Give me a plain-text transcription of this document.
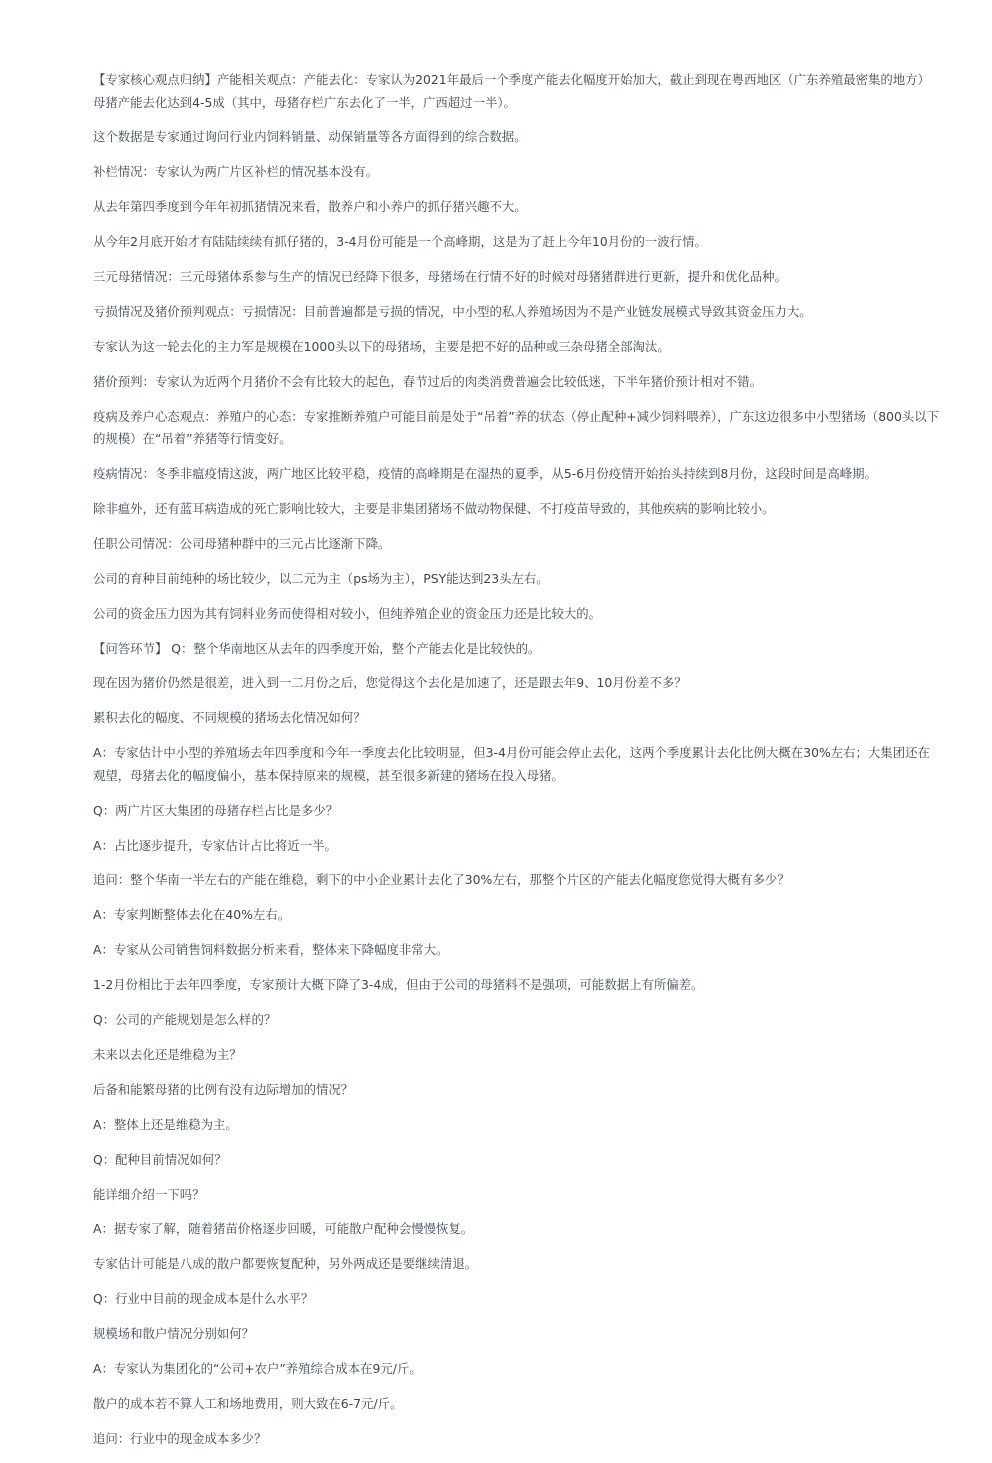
【专家核心观点归纳】产能相关观点：产能去化：专家认为2021年最后一个季度产能去化幅度开始加大，截止到现在粤西地区（广东养殖最密集的地方）母猪产能去化达到4-5成（其中，母猪存栏广东去化了一半，广西超过一半）。

这个数据是专家通过询问行业内饲料销量、动保销量等各方面得到的综合数据。

补栏情况：专家认为两广片区补栏的情况基本没有。

从去年第四季度到今年年初抓猪情况来看，散养户和小养户的抓仔猪兴趣不大。

从今年2月底开始才有陆陆续续有抓仔猪的，3-4月份可能是一个高峰期，这是为了赶上今年10月份的一波行情。

三元母猪情况：三元母猪体系参与生产的情况已经降下很多，母猪场在行情不好的时候对母猪猪群进行更新，提升和优化品种。

亏损情况及猪价预判观点：亏损情况：目前普遍都是亏损的情况，中小型的私人养殖场因为不是产业链发展模式导致其资金压力大。

专家认为这一轮去化的主力军是规模在1000头以下的母猪场，主要是把不好的品种或三杂母猪全部淘汰。

猪价预判：专家认为近两个月猪价不会有比较大的起色，春节过后的肉类消费普遍会比较低迷，下半年猪价预计相对不错。

疫病及养户心态观点：养殖户的心态：专家推断养殖户可能目前是处于“吊着”养的状态（停止配种+减少饲料喂养），广东这边很多中小型猪场（800头以下的规模）在“吊着”养猪等行情变好。

疫病情况：冬季非瘟疫情这波，两广地区比较平稳，疫情的高峰期是在湿热的夏季，从5-6月份疫情开始抬头持续到8月份，这段时间是高峰期。

除非瘟外，还有蓝耳病造成的死亡影响比较大，主要是非集团猪场不做动物保健、不打疫苗导致的，其他疾病的影响比较小。

任职公司情况：公司母猪种群中的三元占比逐渐下降。

公司的育种目前纯种的场比较少，以二元为主（ps场为主），PSY能达到23头左右。

公司的资金压力因为其有饲料业务而使得相对较小，但纯养殖企业的资金压力还是比较大的。

【问答环节】 Q：整个华南地区从去年的四季度开始，整个产能去化是比较快的。

现在因为猪价仍然是很差，进入到一二月份之后，您觉得这个去化是加速了，还是跟去年9、10月份差不多？

累积去化的幅度、不同规模的猪场去化情况如何？

A：专家估计中小型的养殖场去年四季度和今年一季度去化比较明显，但3-4月份可能会停止去化，这两个季度累计去化比例大概在30%左右；大集团还在观望，母猪去化的幅度偏小，基本保持原来的规模，甚至很多新建的猪场在投入母猪。

Q：两广片区大集团的母猪存栏占比是多少？

A：占比逐步提升，专家估计占比将近一半。

追问：整个华南一半左右的产能在维稳，剩下的中小企业累计去化了30%左右，那整个片区的产能去化幅度您觉得大概有多少？

A：专家判断整体去化在40%左右。

A：专家从公司销售饲料数据分析来看，整体来下降幅度非常大。

1-2月份相比于去年四季度，专家预计大概下降了3-4成，但由于公司的母猪料不是强项，可能数据上有所偏差。

Q：公司的产能规划是怎么样的？

未来以去化还是维稳为主？

后备和能繁母猪的比例有没有边际增加的情况？

A：整体上还是维稳为主。

Q：配种目前情况如何？

能详细介绍一下吗？

A：据专家了解，随着猪苗价格逐步回暖，可能散户配种会慢慢恢复。

专家估计可能是八成的散户都要恢复配种，另外两成还是要继续清退。

Q：行业中目前的现金成本是什么水平？

规模场和散户情况分别如何？

A：专家认为集团化的“公司+农户”养殖综合成本在9元/斤。

散户的成本若不算人工和场地费用，则大致在6-7元/斤。

追问：行业中的现金成本多少？
